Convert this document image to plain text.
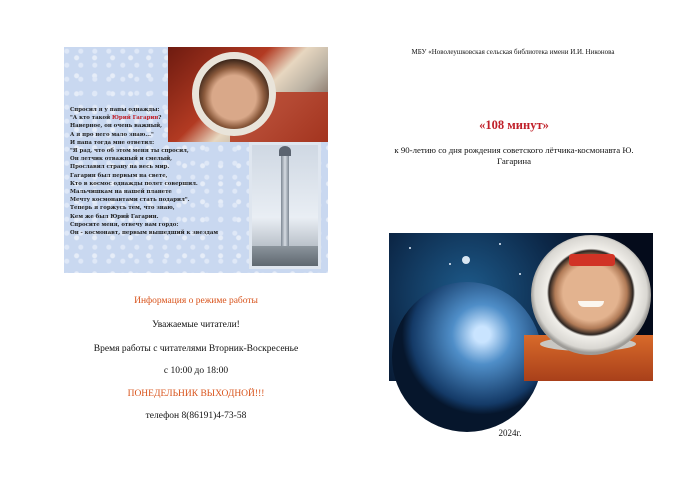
Спросил я у папы однажды:
"А кто такой Юрий Гагарин?
Наверное, он очень важный,
А я про него мало знаю..."
И папа тогда мне ответил:
"Я рад, что об этом меня ты спросил,
Он летчик отважный и смелый,
Прославил страну на весь мир.
Гагарин был первым на свете,
Кто в космос однажды полет совершил.
Мальчишкам на нашей планете
Мечту космонавтами стать подарил".
Теперь я горжусь тем, что знаю,
Кем же был Юрий Гагарин.
Спросите меня, отвечу вам гордо:
Он - космонавт, первым вышедший к звездам
Информация о режиме работы
Уважаемые читатели!
Время работы с читателями Вторник-Воскресенье
с 10:00 до 18:00
ПОНЕДЕЛЬНИК ВЫХОДНОЙ!!!
телефон 8(86191)4-73-58
МБУ «Новолеушковская сельская библиотека имени И.И. Никонова
«108 минут»
к 90-летию со дня рождения советского лётчика-космонавта Ю. Гагарина
2024г.
